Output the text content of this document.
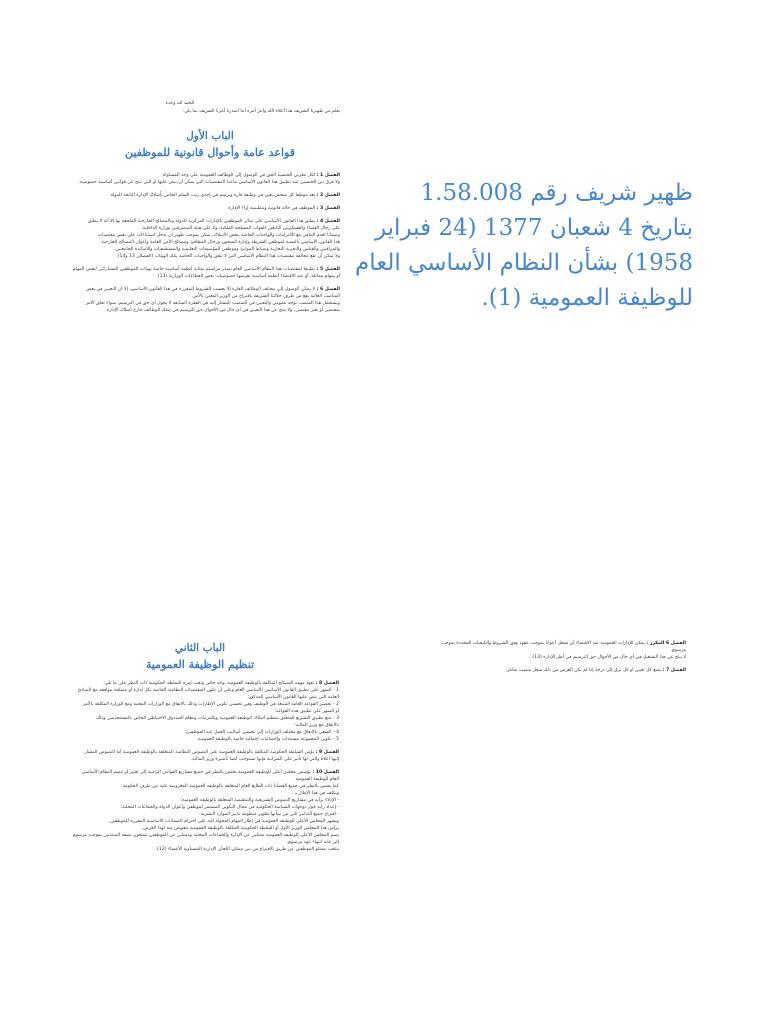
الحمد لله وحده
يعلم من ظهيرنا الشريف هذا أعلاه الله وأعز أمره أننا أصدرنا أمرنا الشريف بما يلي:
الباب الأول
قواعد عامة وأحوال قانونية للموظفين
الفصل 1 : لكل مغربي الجنسية الحق في الوصول إلى الوظائف العمومية على وجه المساواة.
ولا فرق بين الجنسين عند تطبيق هذا القانون الأساسي ماعدا المقتضيات التي يمكن أن ينص عليها أو التي تنتج عن قوانين أساسية خصوصية.
الفصل 2 : يعد موظفا كل شخص يعين في وظيفة قارة ويرسم في إحدى رتب السلم الخاص بأسلاك الإدارة التابعة للدولة.
الفصل 3 : الموظف في حالة قانونية وتنظيمية إزاء الإدارة.
الفصل 4 : يطبق هذا القانون الأساسي على سائر الموظفين بالإدارات المركزية للدولة وبالمصالح الخارجية الملحقة بها إلا أنه لا يطبق
على رجال القضاء والعسكريين التابعين للقوات المسلحة الملكية، ولا على هيئة المتصرفين بوزارة الداخلية.
وضمانا لعدم التنافي مع الالتزامات والواجبات الخاصة ببعض الأسلاك، يمكن بموجب ظهير أن تدخل استثناءات على بعض مقتضيات
هذا القانون الأساسي بالنسبة لموظفي الشرطة وإدارة السجون ورجال المطافئ ومصالح الأمن العامة وأعوان المصالح الخارجية
والمراقبين والقياس والبحرية التجارية وضباط الموانئ وموظفي المؤسسات التعليمية والمستشفيات والأساتذة الجامعيين.
ولا يمكن أن تقع مخالفة مقتضيات هذا النظام الأساسي التي لا تتفق والواجبات الخاصة بتلك الهيئات (الفصلان 13 و14).
الفصل 5 : تطبيقا لمقتضيات هذا النظام الأساسي العام تصدر مراسيم بمثابة أنظمة أساسية خاصة بهيئات الموظفين المشاركين لنفس المهام
أو بمهام مماثلة، أو عند الاقتضاء أنظمة أساسية تفرضها خصوصيات بعض القطاعات الوزارية (13).
الفصل 6 : لا يمكن الوصول إلى مختلف الوظائف القارة إلا بحسب الشروط المقررة في هذا القانون الأساسي، إلا أن التعيين في بعض
المناصب العالية يقع من طرف جلالتنا الشريفة باقتراح من الوزير المعني بالأمر.
ويستعمل هذا المنصب بوجه عمومي والتعيين في المنصب المشار إليه في الفقرة السابقة لا يخول أي حق في الترسيم، سواء تعلق الأمر
بمقتضى أو بغير مقتضى، ولا ينتج عن هذا التعيين في أي حال من الأحوال حق الترسيم في سلك الوظائف خارج أسلاك الإدارة.
ظهير شريف رقم 1.58.008
بتاريخ 4 شعبان 1377 (24 فبراير
1958) بشأن النظام الأساسي العام
للوظيفة العمومية (1).
الفصل 6 المكرر : يمكن للإدارات العمومية عند الاقتضاء أن تشغل أعوانا بموجب عقود وفق الشروط والكيفيات المحددة بموجب
مرسوم.
لا ينتج عن هذا التشغيل في أي حال من الأحوال حق الترسيم في أطر الإدارة (13).
الفصل 7 : يمنع كل تعيين أو كل ترق إلى درجة إذا لم يكن الغرض من ذلك شغل منصب شاغر.
الباب الثاني
تنظيم الوظيفة العمومية
الفصل 8 : تعهد مهمة المصالح المكلفة بالوظيفة العمومية بوجه خاص وتحت إمرة السلطة الحكومية ذات النظر على ما يلي:
1 - السهر على تطبيق القانون الأساسي الأساسي العام وعلى أن تكون المقتضيات النظامية الخاصة بكل إدارة أو مصلحة موافقة مع المبادئ
العامة التي ينص عليها القانون الأساسي المذكور؛
2 - تحضير القواعد العامة المتبعة في الوظيف وفي تحسين تكوين الإطارات وذلك بالاتفاق مع الوزارات المعنية ومع الوزارة المكلفة بالأمر
أو السهر على تطبيق هذه القواعد؛
3 - تتبع تطبيق التشريع المتعلق بتنظيم أسلاك الوظيفة العمومية وبالمرتبات ونظام الصندوق الاحتياطي الخاص بالمستخدمين وذلك
بالاتفاق مع وزير المالية؛
4 - السعي بالاتفاق مع مختلف الوزارات إلى تحسين أساليب العمل عند الموظفين؛
5 - تكوين المجموعة مستندات وإحصائيات إجمالية خاصة بالوظيفة العمومية.
الفصل 9 : تؤمن السلطة الحكومية المكلفة بالوظيفة العمومية على النصوص النظامية المتعلقة بالوظيفة العمومية أما النصوص المشار
إليها أعلاه والتي لها تأثير على الميزانية فإنها تستوجب أيضا تأشيرة وزير المالية.
الفصل 10 : يؤسس مجلس أعلى للوظيفة العمومية يختص بالنظر في جميع مشاريع القوانين الرامية إلى تغيير أو تتميم النظام الأساسي
العام للوظيفة العمومية.
كما يختص بالنظر في جميع القضايا ذات الطابع العام المتعلقة بالوظيفة العمومية المعروضة عليه من طرف الحكومة.
ويكلف في هذا الإطار بـ :
- الإدلاء برأيه في مشاريع النصوص التشريعية والتنظيمية المتعلقة بالوظيفة العمومية؛
- إعداد رأيه حول توجهات السياسة الحكومية في مجال التكوين المستمر لموظفي وأعوان الدولة والجماعات المحلية؛
- اقتراح جميع التدابير التي من شأنها تطوير منظومة تدبير الموارد البشرية.
ويسهر المجلس الأعلى للوظيفة العمومية في إطار المهام المخولة إليه على احترام الضمانات الأساسية المقررة للموظفين.
يرأس هذا المجلس الوزير الأول أو السلطة الحكومية المكلفة بالوظيفة العمومية بتفويض منه لهذا الغرض.
يضم المجلس الأعلى للوظيفة العمومية ممثلين عن الإدارة والجماعات المحلية وممثلين عن الموظفين يتمتعون بصفة المنتدبين بموجب مرسوم
إلى غاية انتهاء عهد مرسوم.
ينتخب ممثلو الموظفين عن طريق الاقتراع من بين ممثلي اللجان الإدارية المتساوية الأعضاء (12).
